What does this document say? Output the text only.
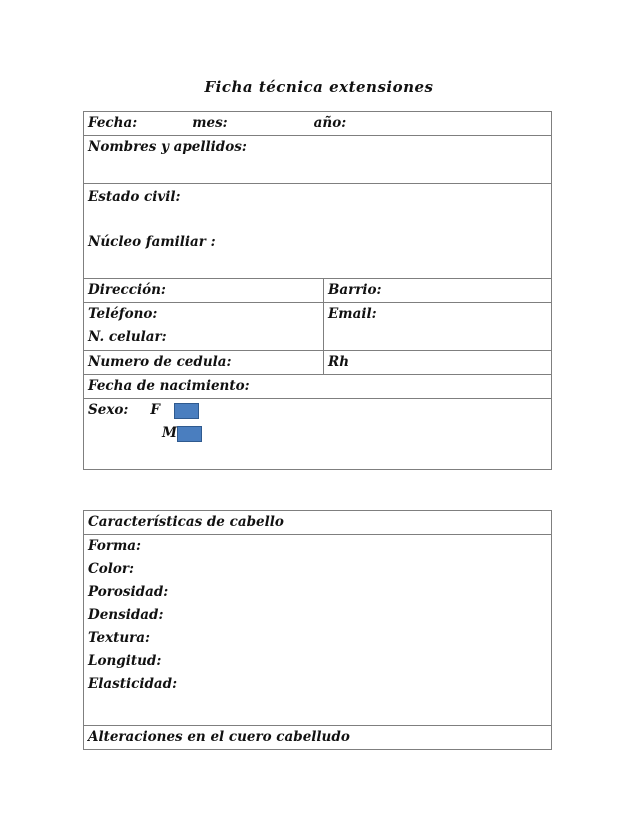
Ficha técnica extensiones
Fecha: mes: año:	

Nombres y apellidos:	

Estado civil:
Núcleo familiar :	

Dirección:	Barrio:

Teléfono:
N. celular:	Email:
Numero de cedula:	Rh
Fecha de nacimiento:	

Sexo: F
M	
Características de cabello

Forma:
Color:
Porosidad:
Densidad:
Textura:
Longitud:
Elasticidad:

Alteraciones en el cuero cabelludo
